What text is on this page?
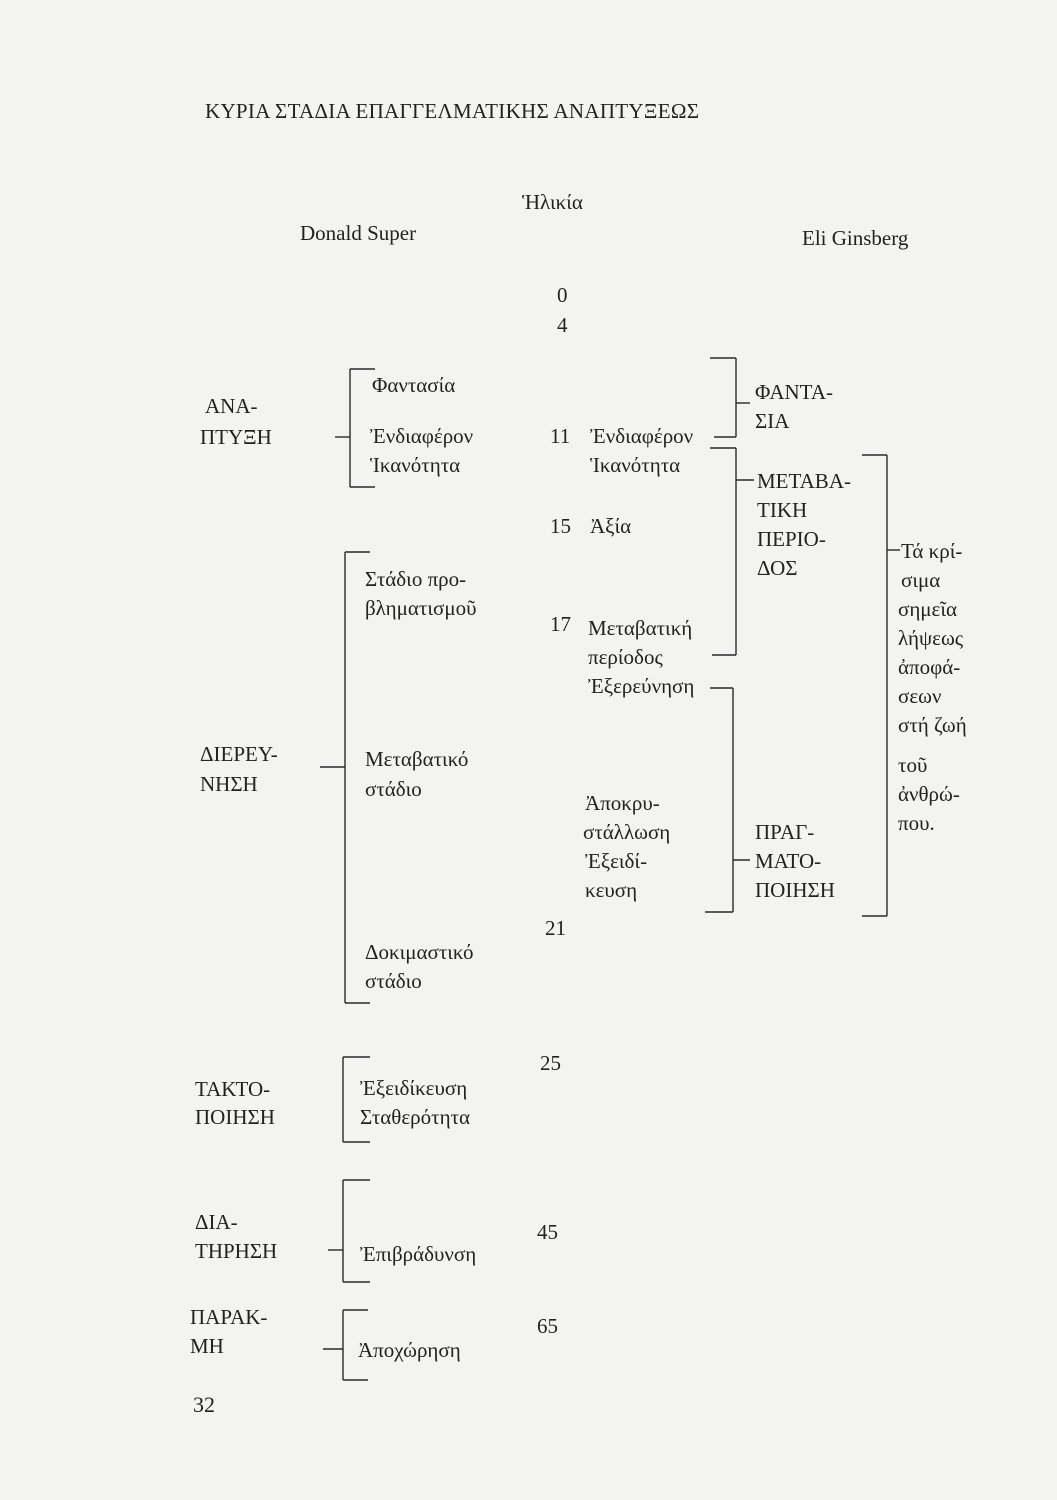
ΚΥΡΙΑ ΣΤΑΔΙΑ ΕΠΑΓΓΕΛΜΑΤΙΚΗΣ ΑΝΑΠΤΥΞΕΩΣ
Ἡλικία
Donald Super	Eli Ginsberg
0
4
11
15
17
21
25
45
65
ΑΝΑ-
ΠΤΥΞΗ
ΔΙΕΡΕΥ-
ΝΗΣΗ
ΤΑΚΤΟ-
ΠΟΙΗΣΗ
ΔΙΑ-
ΤΗΡΗΣΗ
ΠΑΡΑΚ-
ΜΗ
Φαντασία
Ἐνδιαφέρον
Ἱκανότητα
Στάδιο προ-
βληματισμοῦ
Μεταβατικό
στάδιο
Δοκιμαστικό
στάδιο
Ἐξειδίκευση
Σταθερότητα
Ἐπιβράδυνση
Ἀποχώρηση
Ἐνδιαφέρον
Ἱκανότητα
Ἀξία
Μεταβατική
περίοδος
Ἐξερεύνηση
Ἀποκρυ-
στάλλωση
Ἐξειδί-
κευση
ΦΑΝΤΑ-
ΣΙΑ
ΜΕΤΑΒΑ-
ΤΙΚΗ
ΠΕΡΙΟ-
ΔΟΣ
ΠΡΑΓ-
ΜΑΤΟ-
ΠΟΙΗΣΗ
Τά κρί-
σιμα
σημεῖα
λήψεως
ἀποφά-
σεων
στή ζωή
τοῦ
ἀνθρώ-
που.
32
